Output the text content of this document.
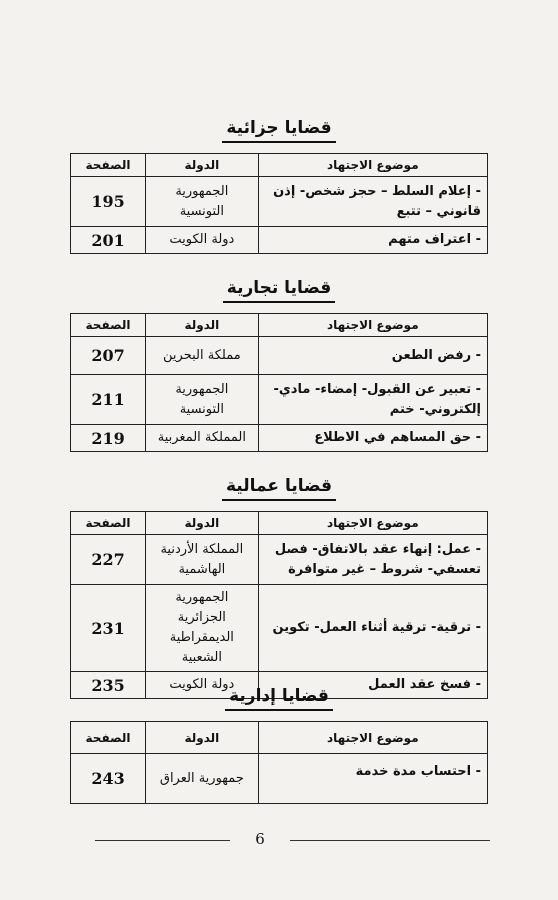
قضايا جزائية
موضوع الاجتهاد	الدولة	الصفحة
- إعلام السلط – حجز شخص- إذن قانوني – تتبع	الجمهورية التونسية	195
- اعتراف متهم	دولة الكويت	201
قضايا تجارية
موضوع الاجتهاد	الدولة	الصفحة
- رفض الطعن	مملكة البحرين	207
- تعبير عن القبول- إمضاء- مادي- إلكتروني- ختم	الجمهورية التونسية	211
- حق المساهم في الاطلاع	المملكة المغربية	219
قضايا عمالية
موضوع الاجتهاد	الدولة	الصفحة
- عمل: إنهاء عقد بالاتفاق- فصل تعسفي- شروط – غير متوافرة	المملكة الأردنية الهاشمية	227
- ترقية- ترقية أثناء العمل- تكوين	الجمهورية الجزائرية الديمقراطية الشعبية	231
- فسخ عقد العمل	دولة الكويت	235
قضايا إدارية
موضوع الاجتهاد	الدولة	الصفحة
- احتساب مدة خدمة	جمهورية العراق	243
6
